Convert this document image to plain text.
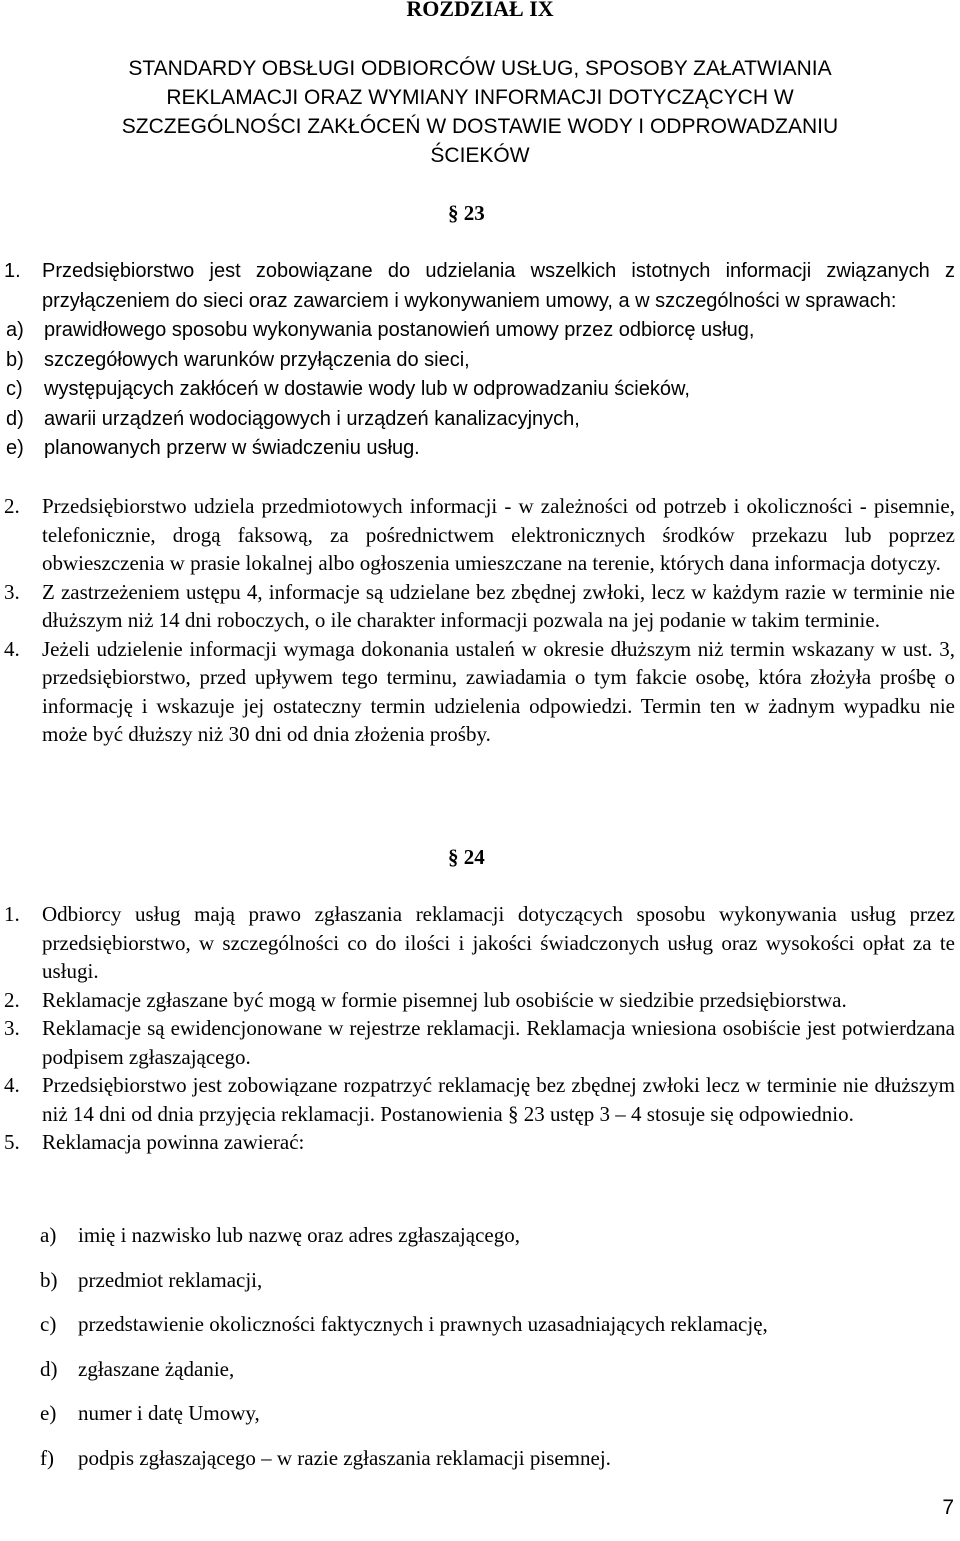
ROZDZIAŁ IX
STANDARDY OBSŁUGI ODBIORCÓW USŁUG, SPOSOBY ZAŁATWIANIA
REKLAMACJI ORAZ WYMIANY INFORMACJI DOTYCZĄCYCH W
SZCZEGÓLNOŚCI ZAKŁÓCEŃ W DOSTAWIE WODY I ODPROWADZANIU
ŚCIEKÓW
§ 23
1. Przedsiębiorstwo jest zobowiązane do udzielania wszelkich istotnych informacji związanych z przyłączeniem do sieci oraz zawarciem i wykonywaniem umowy, a w szczególności w sprawach:
a) prawidłowego sposobu wykonywania postanowień umowy przez odbiorcę usług,
b) szczegółowych warunków przyłączenia do sieci,
c) występujących zakłóceń w dostawie wody lub w odprowadzaniu ścieków,
d) awarii urządzeń wodociągowych i urządzeń kanalizacyjnych,
e) planowanych przerw w świadczeniu usług.
2. Przedsiębiorstwo udziela przedmiotowych informacji - w zależności od potrzeb i okoliczności - pisemnie, telefonicznie, drogą faksową, za pośrednictwem elektronicznych środków przekazu lub poprzez obwieszczenia w prasie lokalnej albo ogłoszenia umieszczane na terenie, których dana informacja dotyczy.
3. Z zastrzeżeniem ustępu 4, informacje są udzielane bez zbędnej zwłoki, lecz w każdym razie w terminie nie dłuższym niż 14 dni roboczych, o ile charakter informacji pozwala na jej podanie w takim terminie.
4. Jeżeli udzielenie informacji wymaga dokonania ustaleń w okresie dłuższym niż termin wskazany w ust. 3, przedsiębiorstwo, przed upływem tego terminu, zawiadamia o tym fakcie osobę, która złożyła prośbę o informację i wskazuje jej ostateczny termin udzielenia odpowiedzi. Termin ten w żadnym wypadku nie może być dłuższy niż 30 dni od dnia złożenia prośby.
§ 24
1. Odbiorcy usług mają prawo zgłaszania reklamacji dotyczących sposobu wykonywania usług przez przedsiębiorstwo, w szczególności co do ilości i jakości świadczonych usług oraz wysokości opłat za te usługi.
2. Reklamacje zgłaszane być mogą w formie pisemnej lub osobiście w siedzibie przedsiębiorstwa.
3. Reklamacje są ewidencjonowane w rejestrze reklamacji. Reklamacja wniesiona osobiście jest potwierdzana podpisem zgłaszającego.
4. Przedsiębiorstwo jest zobowiązane rozpatrzyć reklamację bez zbędnej zwłoki lecz w terminie nie dłuższym niż 14 dni od dnia przyjęcia reklamacji. Postanowienia § 23 ustęp 3 – 4 stosuje się odpowiednio.
5. Reklamacja powinna zawierać:
a) imię i nazwisko lub nazwę oraz adres zgłaszającego,
b) przedmiot reklamacji,
c) przedstawienie okoliczności faktycznych i prawnych uzasadniających reklamację,
d) zgłaszane żądanie,
e) numer i datę Umowy,
f) podpis zgłaszającego – w razie zgłaszania reklamacji pisemnej.
7
